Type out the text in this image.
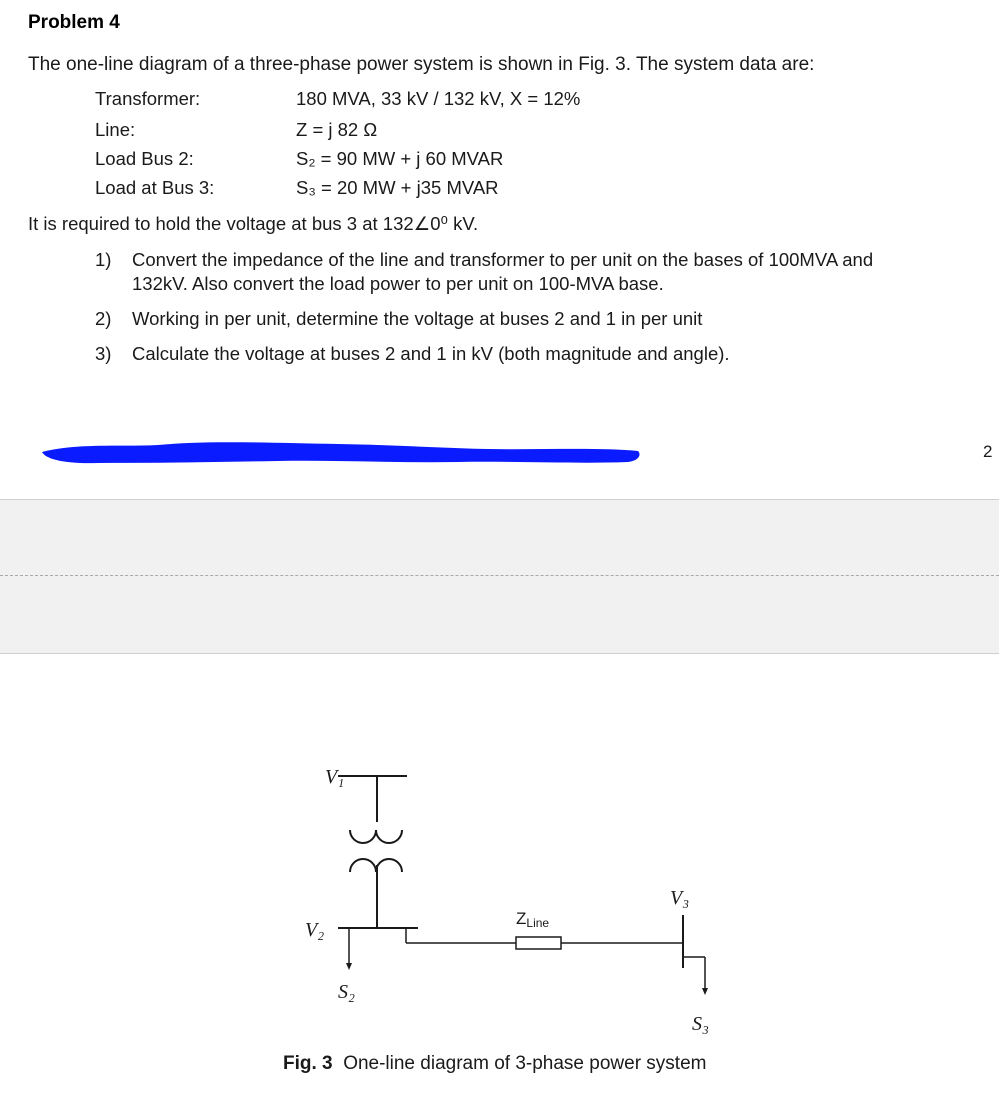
Problem 4
The one-line diagram of a three-phase power system is shown in Fig. 3. The system data are:
Transformer:	180 MVA, 33 kV / 132 kV, X = 12%
Line:	Z = j 82 Ω
Load Bus 2:	S₂ = 90 MW + j 60 MVAR
Load at Bus 3:	S₃ = 20 MW + j35 MVAR
It is required to hold the voltage at bus 3 at 132∠0⁰ kV.
1) Convert the impedance of the line and transformer to per unit on the bases of 100MVA and
132kV. Also convert the load power to per unit on 100-MVA base.
2) Working in per unit, determine the voltage at buses 2 and 1 in per unit
3) Calculate the voltage at buses 2 and 1 in kV (both magnitude and angle).
2
V₁
V₂
S₂
ZLine
V₃
S₃
Fig. 3 One-line diagram of 3-phase power system
